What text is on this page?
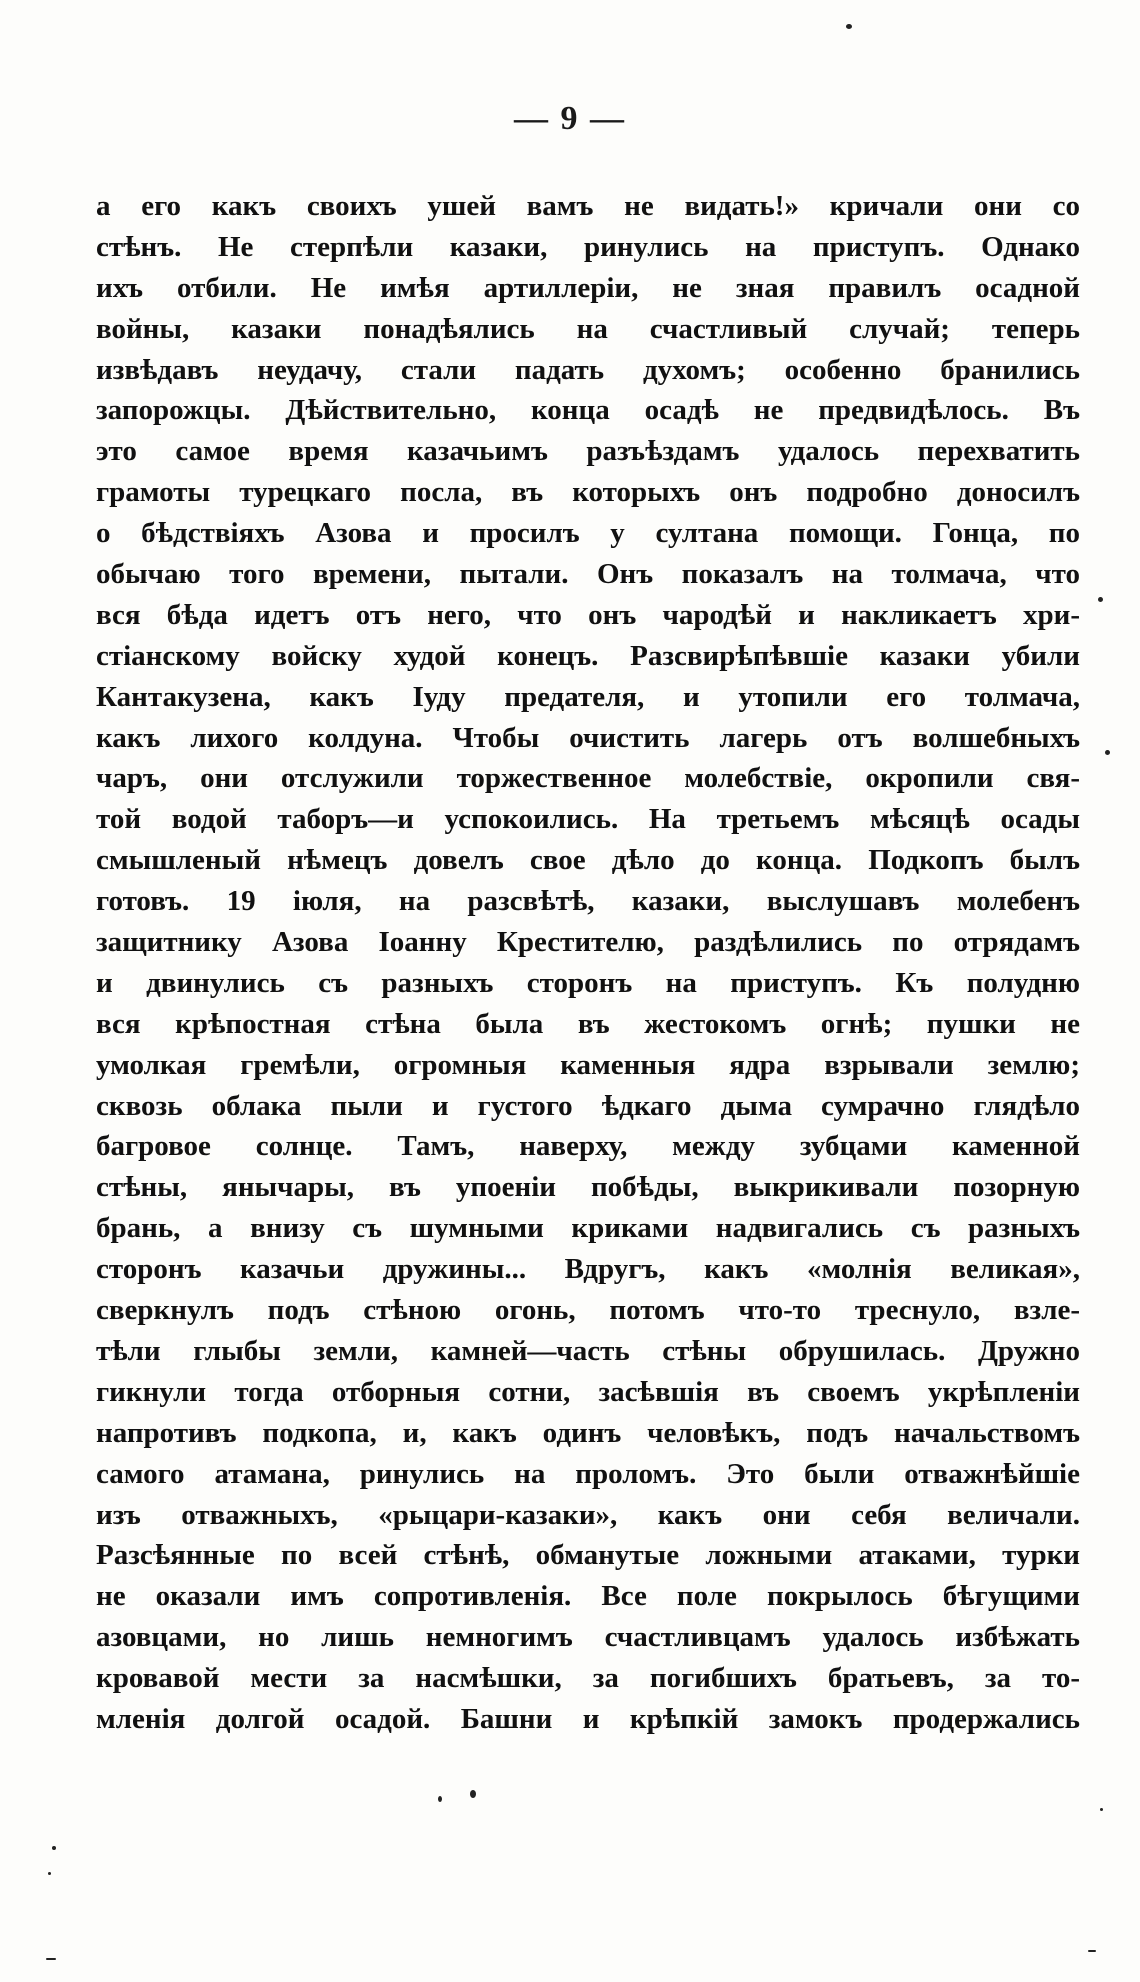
— 9 —
а его какъ своихъ ушей вамъ не видать!» кричали они со
стѣнъ. Не стерпѣли казаки, ринулись на приступъ. Однако
ихъ отбили. Не имѣя артиллеріи, не зная правилъ осадной
войны, казаки понадѣялись на счастливый случай; теперь
извѣдавъ неудачу, стали падать духомъ; особенно бранились
запорожцы. Дѣйствительно, конца осадѣ не предвидѣлось. Въ
это самое время казачьимъ разъѣздамъ удалось перехватить
грамоты турецкаго посла, въ которыхъ онъ подробно доносилъ
о бѣдствіяхъ Азова и просилъ у султана помощи. Гонца, по
обычаю того времени, пытали. Онъ показалъ на толмача, что
вся бѣда идетъ отъ него, что онъ чародѣй и накликаетъ хри-
стіанскому войску худой конецъ. Разсвирѣпѣвшіе казаки убили
Кантакузена, какъ Іуду предателя, и утопили его толмача,
какъ лихого колдуна. Чтобы очистить лагерь отъ волшебныхъ
чаръ, они отслужили торжественное молебствіе, окропили свя-
той водой таборъ—и успокоились. На третьемъ мѣсяцѣ осады
смышленый нѣмецъ довелъ свое дѣло до конца. Подкопъ былъ
готовъ. 19 іюля, на разсвѣтѣ, казаки, выслушавъ молебенъ
защитнику Азова Іоанну Крестителю, раздѣлились по отрядамъ
и двинулись съ разныхъ сторонъ на приступъ. Къ полудню
вся крѣпостная стѣна была въ жестокомъ огнѣ; пушки не
умолкая гремѣли, огромныя каменныя ядра взрывали землю;
сквозь облака пыли и густого ѣдкаго дыма сумрачно глядѣло
багровое солнце. Тамъ, наверху, между зубцами каменной
стѣны, янычары, въ упоеніи побѣды, выкрикивали позорную
брань, а внизу съ шумными криками надвигались съ разныхъ
сторонъ казачьи дружины... Вдругъ, какъ «молнія великая»,
сверкнулъ подъ стѣною огонь, потомъ что-то треснуло, взле-
тѣли глыбы земли, камней—часть стѣны обрушилась. Дружно
гикнули тогда отборныя сотни, засѣвшія въ своемъ укрѣпленіи
напротивъ подкопа, и, какъ одинъ человѣкъ, подъ начальствомъ
самого атамана, ринулись на проломъ. Это были отважнѣйшіе
изъ отважныхъ, «рыцари-казаки», какъ они себя величали.
Разсѣянные по всей стѣнѣ, обманутые ложными атаками, турки
не оказали имъ сопротивленія. Все поле покрылось бѣгущими
азовцами, но лишь немногимъ счастливцамъ удалось избѣжать
кровавой мести за насмѣшки, за погибшихъ братьевъ, за то-
мленія долгой осадой. Башни и крѣпкій замокъ продержались
